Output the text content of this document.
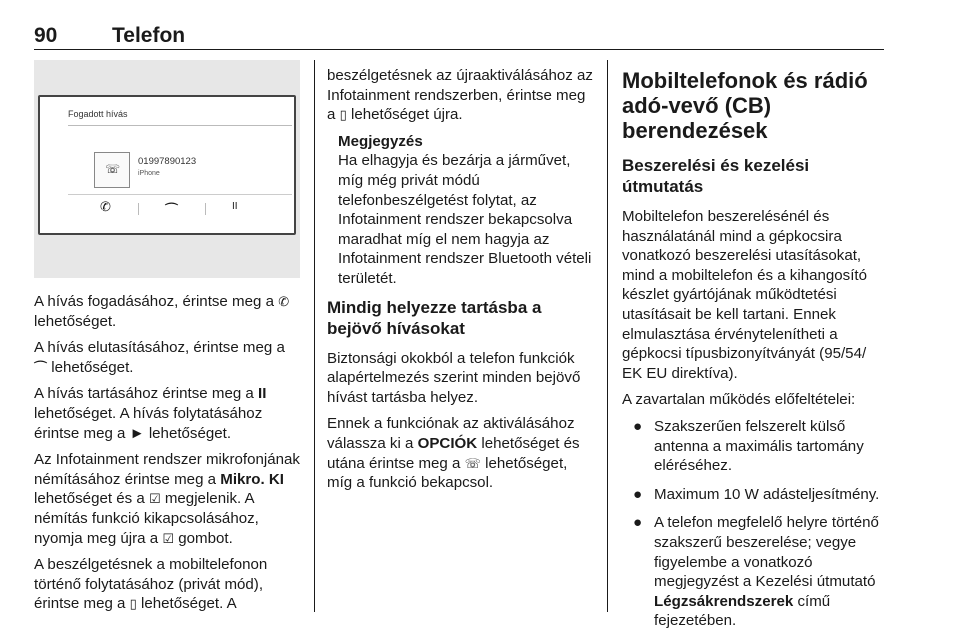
90	Telefon
Fogadott hívás
☏
01997890123
iPhone
✆	⌒	II

A hívás fogadásához, érintse meg a ✆ lehetőséget.

A hívás elutasításához, érintse meg a ⌒ lehetőséget.

A hívás tartásához érintse meg a II lehetőséget. A hívás folytatásához érintse meg a ► lehetőséget.

Az Infotainment rendszer mikrofonjának némításához érintse meg a Mikro. KI lehetőséget és a ☑ megjelenik. A némítás funkció kikapcsolásához, nyomja meg újra a ☑ gombot.

A beszélgetésnek a mobiltelefonon történő folytatásához (privát mód), érintse meg a ▯ lehetőséget. A

beszélgetésnek az újraaktiválásához az Infotainment rendszerben, érintse meg a ▯ lehetőséget újra.

Megjegyzés

Ha elhagyja és bezárja a járművet, míg még privát módú telefonbeszélgetést folytat, az Infotainment rendszer bekapcsolva maradhat míg el nem hagyja az Infotainment rendszer Bluetooth vételi területét.

Mindig helyezze tartásba a bejövő hívásokat

Biztonsági okokból a telefon funkciók alapértelmezés szerint minden bejövő hívást tartásba helyez.

Ennek a funkciónak az aktiválásához válassza ki a OPCIÓK lehetőséget és utána érintse meg a ☏ lehetőséget, míg a funkció bekapcsol.

Mobiltelefonok és rádió adó-vevő (CB) berendezések
Beszerelési és kezelési útmutatás

Mobiltelefon beszerelésénél és használatánál mind a gépkocsira vonatkozó beszerelési utasításokat, mind a mobiltelefon és a kihangosító készlet gyártójának működtetési utasításait be kell tartani. Ennek elmulasztása érvénytelenítheti a gépkocsi típusbizonyítványát (95/54/ EK EU direktíva).

A zavartalan működés előfeltételei:

● Szakszerűen felszerelt külső antenna a maximális tartomány eléréséhez.
● Maximum 10 W adásteljesítmény.
● A telefon megfelelő helyre történő szakszerű beszerelése; vegye figyelembe a vonatkozó megjegyzést a Kezelési útmutató Légzsákrendszerek című fejezetében.
